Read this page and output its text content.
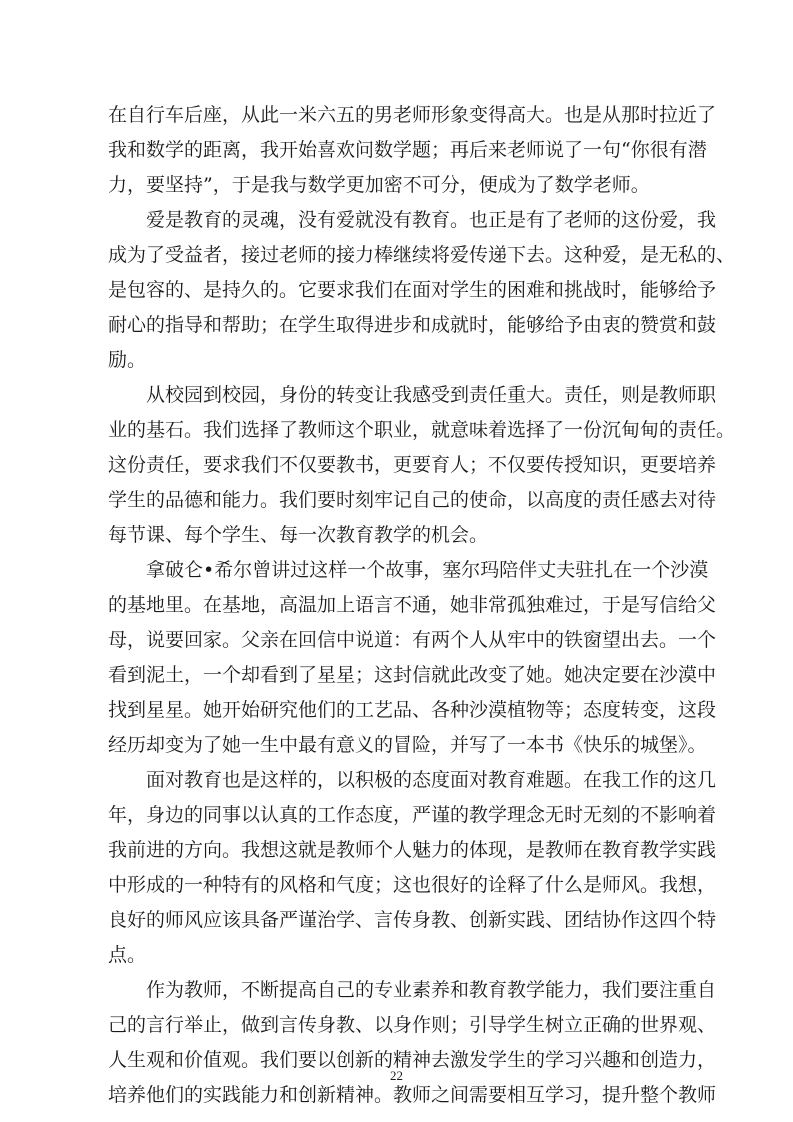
在自行车后座，从此一米六五的男老师形象变得高大。也是从那时拉近了
我和数学的距离，我开始喜欢问数学题；再后来老师说了一句“你很有潜
力，要坚持”，于是我与数学更加密不可分，便成为了数学老师。
　　爱是教育的灵魂，没有爱就没有教育。也正是有了老师的这份爱，我
成为了受益者，接过老师的接力棒继续将爱传递下去。这种爱，是无私的、
是包容的、是持久的。它要求我们在面对学生的困难和挑战时，能够给予
耐心的指导和帮助；在学生取得进步和成就时，能够给予由衷的赞赏和鼓
励。
　　从校园到校园，身份的转变让我感受到责任重大。责任，则是教师职
业的基石。我们选择了教师这个职业，就意味着选择了一份沉甸甸的责任。
这份责任，要求我们不仅要教书，更要育人；不仅要传授知识，更要培养
学生的品德和能力。我们要时刻牢记自己的使命，以高度的责任感去对待
每节课、每个学生、每一次教育教学的机会。
　　拿破仑•希尔曾讲过这样一个故事，塞尔玛陪伴丈夫驻扎在一个沙漠
的基地里。在基地，高温加上语言不通，她非常孤独难过，于是写信给父
母，说要回家。父亲在回信中说道：有两个人从牢中的铁窗望出去。一个
看到泥土，一个却看到了星星；这封信就此改变了她。她决定要在沙漠中
找到星星。她开始研究他们的工艺品、各种沙漠植物等；态度转变，这段
经历却变为了她一生中最有意义的冒险，并写了一本书《快乐的城堡》。
　　面对教育也是这样的，以积极的态度面对教育难题。在我工作的这几
年，身边的同事以认真的工作态度，严谨的教学理念无时无刻的不影响着
我前进的方向。我想这就是教师个人魅力的体现，是教师在教育教学实践
中形成的一种特有的风格和气度；这也很好的诠释了什么是师风。我想，
良好的师风应该具备严谨治学、言传身教、创新实践、团结协作这四个特
点。
　　作为教师，不断提高自己的专业素养和教育教学能力，我们要注重自
己的言行举止，做到言传身教、以身作则；引导学生树立正确的世界观、
人生观和价值观。我们要以创新的精神去激发学生的学习兴趣和创造力，
培养他们的实践能力和创新精神。教师之间需要相互学习，提升整个教师
22
